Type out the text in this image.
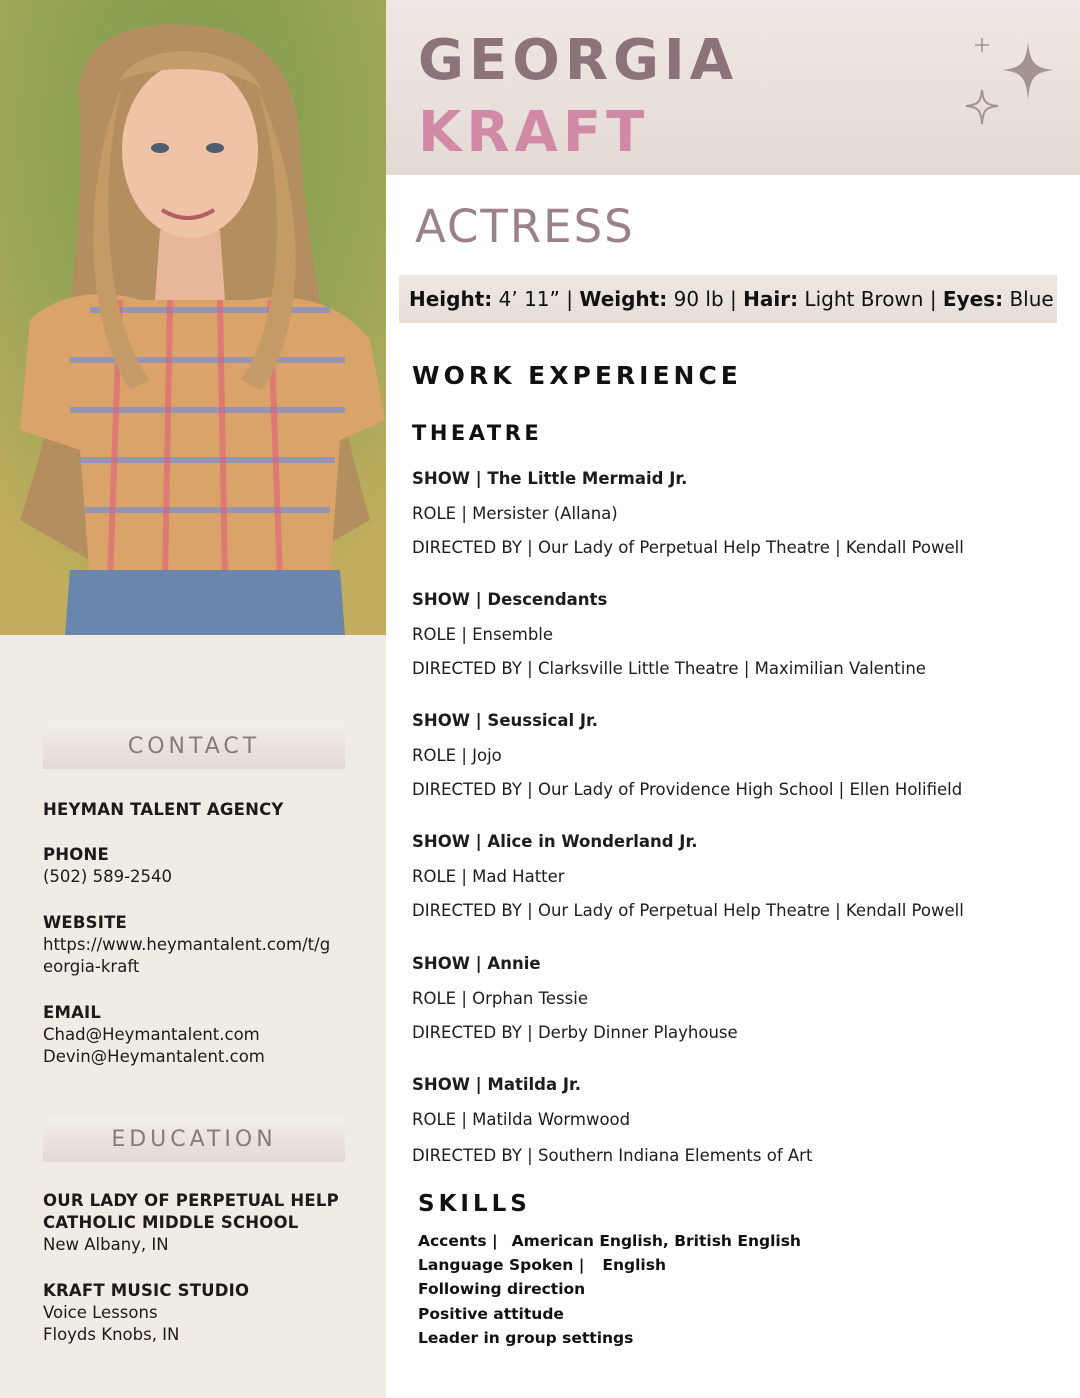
CONTACT
HEYMAN TALENT AGENCY
PHONE
(502) 589-2540
WEBSITE
https://www.heymantalent.com/t/g
eorgia-kraft
EMAIL
Chad@Heymantalent.com
Devin@Heymantalent.com
EDUCATION
OUR LADY OF PERPETUAL HELP
CATHOLIC MIDDLE SCHOOL
New Albany, IN
KRAFT MUSIC STUDIO
Voice Lessons
Floyds Knobs, IN
GEORGIA
KRAFT
ACTRESS
Height: 4’ 11” | Weight: 90 lb | Hair: Light Brown | Eyes: Blue
WORK EXPERIENCE
THEATRE
SHOW | The Little Mermaid Jr.
ROLE | Mersister (Allana)
DIRECTED BY | Our Lady of Perpetual Help Theatre | Kendall Powell
SHOW | Descendants
ROLE | Ensemble
DIRECTED BY | Clarksville Little Theatre | Maximilian Valentine
SHOW | Seussical Jr.
ROLE | Jojo
DIRECTED BY | Our Lady of Providence High School | Ellen Holifield
SHOW | Alice in Wonderland Jr.
ROLE | Mad Hatter
DIRECTED BY | Our Lady of Perpetual Help Theatre | Kendall Powell
SHOW | Annie
ROLE | Orphan Tessie
DIRECTED BY | Derby Dinner Playhouse
SHOW | Matilda Jr.
ROLE | Matilda Wormwood
DIRECTED BY | Southern Indiana Elements of Art
SKILLS
Accents | American English, British English
Language Spoken | English
Following direction
Positive attitude
Leader in group settings
